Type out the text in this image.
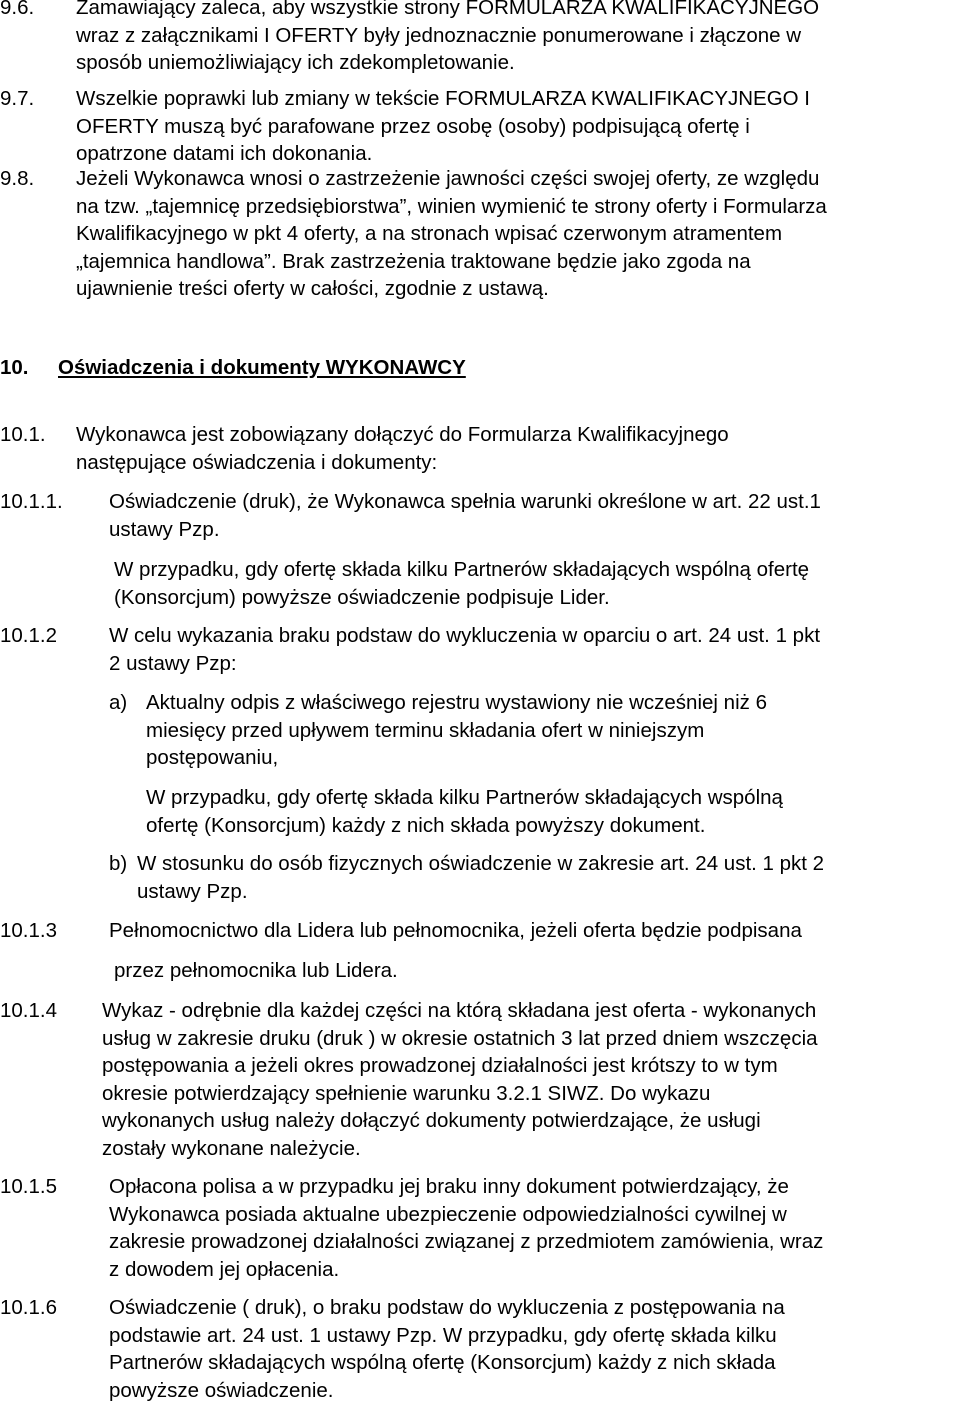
9.6. Zamawiający zaleca, aby wszystkie strony FORMULARZA KWALIFIKACYJNEGO
wraz z załącznikami I OFERTY były jednoznacznie ponumerowane i złączone w
sposób uniemożliwiający ich zdekompletowanie.
9.7. Wszelkie poprawki lub zmiany w tekście FORMULARZA KWALIFIKACYJNEGO I
OFERTY muszą być parafowane przez osobę (osoby) podpisującą ofertę i
opatrzone datami ich dokonania.
9.8. Jeżeli Wykonawca wnosi o zastrzeżenie jawności części swojej oferty, ze względu
na tzw. „tajemnicę przedsiębiorstwa”, winien wymienić te strony oferty i Formularza
Kwalifikacyjnego w pkt 4 oferty, a na stronach wpisać czerwonym atramentem
„tajemnica handlowa”. Brak zastrzeżenia traktowane będzie jako zgoda na
ujawnienie treści oferty w całości, zgodnie z ustawą.
10. Oświadczenia i dokumenty WYKONAWCY
10.1. Wykonawca jest zobowiązany dołączyć do Formularza Kwalifikacyjnego
następujące oświadczenia i dokumenty:
10.1.1. Oświadczenie (druk), że Wykonawca spełnia warunki określone w art. 22 ust.1
ustawy Pzp.
W przypadku, gdy ofertę składa kilku Partnerów składających wspólną ofertę
(Konsorcjum) powyższe oświadczenie podpisuje Lider.
10.1.2	W celu wykazania braku podstaw do wykluczenia w oparciu o art. 24 ust. 1 pkt
2 ustawy Pzp:
a) Aktualny odpis z właściwego rejestru wystawiony nie wcześniej niż 6
miesięcy przed upływem terminu składania ofert w niniejszym
postępowaniu,
W przypadku, gdy ofertę składa kilku Partnerów składających wspólną
ofertę (Konsorcjum) każdy z nich składa powyższy dokument.
b) W stosunku do osób fizycznych oświadczenie w zakresie art. 24 ust. 1 pkt 2
ustawy Pzp.
10.1.3	Pełnomocnictwo dla Lidera lub pełnomocnika, jeżeli oferta będzie podpisana
przez pełnomocnika lub Lidera.
10.1.4 Wykaz - odrębnie dla każdej części na którą składana jest oferta - wykonanych
usług w zakresie druku (druk ) w okresie ostatnich 3 lat przed dniem wszczęcia
postępowania a jeżeli okres prowadzonej działalności jest krótszy to w tym
okresie potwierdzający spełnienie warunku 3.2.1 SIWZ. Do wykazu
wykonanych usług należy dołączyć dokumenty potwierdzające, że usługi
zostały wykonane należycie.
10.1.5	Opłacona polisa a w przypadku jej braku inny dokument potwierdzający, że
Wykonawca posiada aktualne ubezpieczenie odpowiedzialności cywilnej w
zakresie prowadzonej działalności związanej z przedmiotem zamówienia, wraz
z dowodem jej opłacenia.
10.1.6	Oświadczenie ( druk), o braku podstaw do wykluczenia z postępowania na
podstawie art. 24 ust. 1 ustawy Pzp. W przypadku, gdy ofertę składa kilku
Partnerów składających wspólną ofertę (Konsorcjum) każdy z nich składa
powyższe oświadczenie.
